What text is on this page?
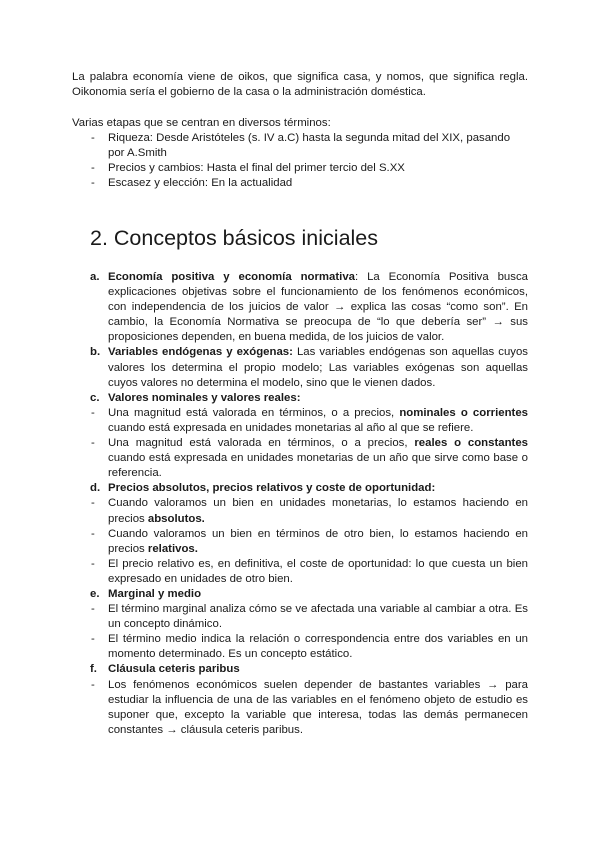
La palabra economía viene de oikos, que significa casa, y nomos, que significa regla. Oikonomia sería el gobierno de la casa o la administración doméstica.

Varias etapas que se centran en diversos términos:

- Riqueza: Desde Aristóteles (s. IV a.C) hasta la segunda mitad del XIX, pasando por A.Smith
- Precios y cambios: Hasta el final del primer tercio del S.XX
- Escasez y elección: En la actualidad
2. Conceptos básicos iniciales
a. Economía positiva y economía normativa: La Economía Positiva busca explicaciones objetivas sobre el funcionamiento de los fenómenos económicos, con independencia de los juicios de valor → explica las cosas “como son”. En cambio, la Economía Normativa se preocupa de “lo que debería ser” → sus proposiciones dependen, en buena medida, de los juicios de valor.
b. Variables endógenas y exógenas: Las variables endógenas son aquellas cuyos valores los determina el propio modelo; Las variables exógenas son aquellas cuyos valores no determina el modelo, sino que le vienen dados.
c. Valores nominales y valores reales:
- Una magnitud está valorada en términos, o a precios, nominales o corrientes cuando está expresada en unidades monetarias al año al que se refiere.
- Una magnitud está valorada en términos, o a precios, reales o constantes cuando está expresada en unidades monetarias de un año que sirve como base o referencia.
d. Precios absolutos, precios relativos y coste de oportunidad:
- Cuando valoramos un bien en unidades monetarias, lo estamos haciendo en precios absolutos.
- Cuando valoramos un bien en términos de otro bien, lo estamos haciendo en precios relativos.
- El precio relativo es, en definitiva, el coste de oportunidad: lo que cuesta un bien expresado en unidades de otro bien.
e. Marginal y medio
- El término marginal analiza cómo se ve afectada una variable al cambiar a otra. Es un concepto dinámico.
- El término medio indica la relación o correspondencia entre dos variables en un momento determinado. Es un concepto estático.
f. Cláusula ceteris paribus
- Los fenómenos económicos suelen depender de bastantes variables → para estudiar la influencia de una de las variables en el fenómeno objeto de estudio es suponer que, excepto la variable que interesa, todas las demás permanecen constantes → cláusula ceteris paribus.
